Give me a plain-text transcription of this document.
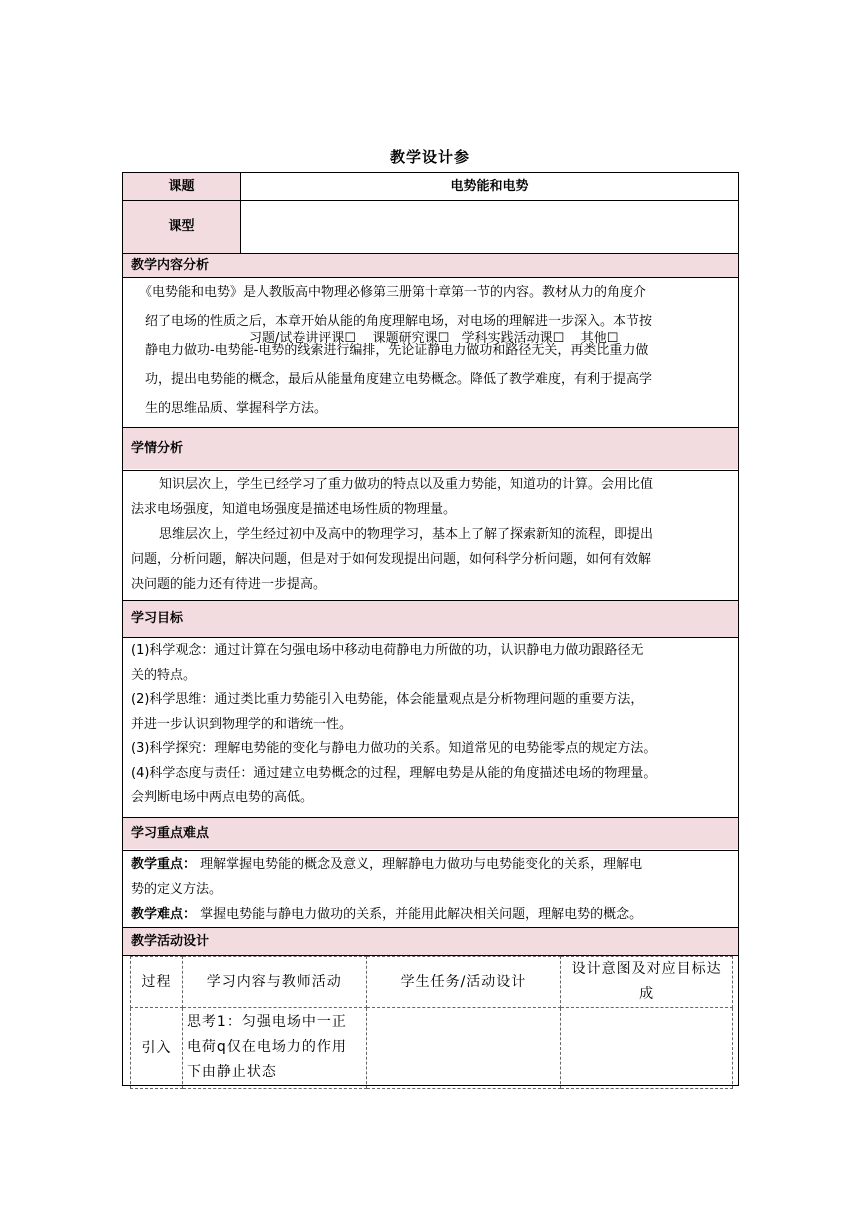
教学设计参
课题	电势能和电势
课型

习题/试卷讲评课☐    课题研究课☐   学科实践活动课☐    其他☐

教学内容分析
《电势能和电势》是人教版高中物理必修第三册第十章第一节的内容。教材从力的角度介
绍了电场的性质之后，本章开始从能的角度理解电场，对电场的理解进一步深入。本节按
静电力做功-电势能-电势的线索进行编排，先论证静电力做功和路径无关，再类比重力做
功，提出电势能的概念，最后从能量角度建立电势概念。降低了教学难度，有利于提高学
生的思维品质、掌握科学方法。
学情分析
知识层次上，学生已经学习了重力做功的特点以及重力势能，知道功的计算。会用比值
法求电场强度，知道电场强度是描述电场性质的物理量。
思维层次上，学生经过初中及高中的物理学习，基本上了解了探索新知的流程，即提出
问题，分析问题，解决问题，但是对于如何发现提出问题，如何科学分析问题，如何有效解
决问题的能力还有待进一步提高。
学习目标
(1)科学观念：通过计算在匀强电场中移动电荷静电力所做的功，认识静电力做功跟路径无
关的特点。
(2)科学思维：通过类比重力势能引入电势能，体会能量观点是分析物理问题的重要方法，
并进一步认识到物理学的和谐统一性。
(3)科学探究：理解电势能的变化与静电力做功的关系。知道常见的电势能零点的规定方法。
(4)科学态度与责任：通过建立电势概念的过程，理解电势是从能的角度描述电场的物理量。
会判断电场中两点电势的高低。
学习重点难点
教学重点： 理解掌握电势能的概念及意义，理解静电力做功与电势能变化的关系，理解电
势的定义方法。
教学难点： 掌握电势能与静电力做功的关系，并能用此解决相关问题，理解电势的概念。
教学活动设计
过程	学习内容与教师活动	学生任务/活动设计	设计意图及对应目标达成
引入	思考1：匀强电场中一正电荷q仅在电场力的作用下由静止状态		
